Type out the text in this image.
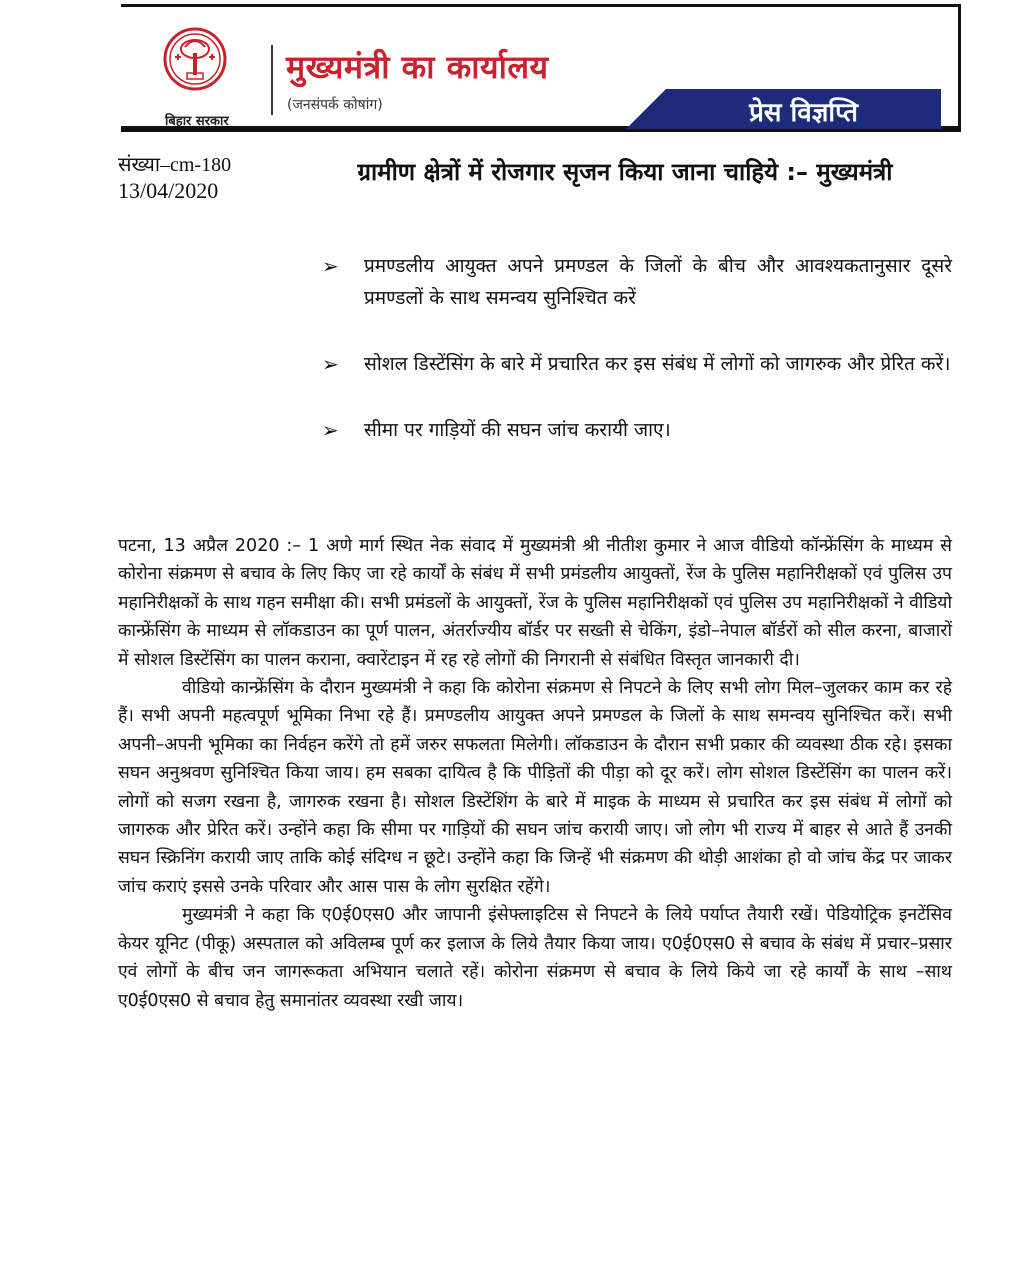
बिहार सरकार
मुख्यमंत्री का कार्यालय
(जनसंपर्क कोषांग)	प्रेस विज्ञप्ति
संख्या–cm-180
13/04/2020
ग्रामीण क्षेत्रों में रोजगार सृजन किया जाना चाहिये :– मुख्यमंत्री
➢ प्रमण्डलीय आयुक्त अपने प्रमण्डल के जिलों के बीच और आवश्यकतानुसार दूसरे प्रमण्डलों के साथ समन्वय सुनिश्चित करें
➢ सोशल डिस्टेंसिंग के बारे में प्रचारित कर इस संबंध में लोगों को जागरुक और प्रेरित करें।
➢ सीमा पर गाड़ियों की सघन जांच करायी जाए।

पटना, 13 अप्रैल 2020 :– 1 अणे मार्ग स्थित नेक संवाद में मुख्यमंत्री श्री नीतीश कुमार ने आज वीडियो कॉन्फ्रेंसिंग के माध्यम से कोरोना संक्रमण से बचाव के लिए किए जा रहे कार्यों के संबंध में सभी प्रमंडलीय आयुक्तों, रेंज के पुलिस महानिरीक्षकों एवं पुलिस उप महानिरीक्षकों के साथ गहन समीक्षा की। सभी प्रमंडलों के आयुक्तों, रेंज के पुलिस महानिरीक्षकों एवं पुलिस उप महानिरीक्षकों ने वीडियो कान्फ्रेंसिंग के माध्यम से लॉकडाउन का पूर्ण पालन, अंतर्राज्यीय बॉर्डर पर सख्ती से चेकिंग, इंडो–नेपाल बॉर्डरों को सील करना, बाजारों में सोशल डिस्टेंसिंग का पालन कराना, क्वारेंटाइन में रह रहे लोगों की निगरानी से संबंधित विस्तृत जानकारी दी।

वीडियो कान्फ्रेंसिंग के दौरान मुख्यमंत्री ने कहा कि कोरोना संक्रमण से निपटने के लिए सभी लोग मिल–जुलकर काम कर रहे हैं। सभी अपनी महत्वपूर्ण भूमिका निभा रहे हैं। प्रमण्डलीय आयुक्त अपने प्रमण्डल के जिलों के साथ समन्वय सुनिश्चित करें। सभी अपनी–अपनी भूमिका का निर्वहन करेंगे तो हमें जरुर सफलता मिलेगी। लॉकडाउन के दौरान सभी प्रकार की व्यवस्था ठीक रहे। इसका सघन अनुश्रवण सुनिश्चित किया जाय। हम सबका दायित्व है कि पीड़ितों की पीड़ा को दूर करें। लोग सोशल डिस्टेंसिंग का पालन करें। लोगों को सजग रखना है, जागरुक रखना है। सोशल डिस्टेंशिंग के बारे में माइक के माध्यम से प्रचारित कर इस संबंध में लोगों को जागरुक और प्रेरित करें। उन्होंने कहा कि सीमा पर गाड़ियों की सघन जांच करायी जाए। जो लोग भी राज्य में बाहर से आते हैं उनकी सघन स्क्रिनिंग करायी जाए ताकि कोई संदिग्ध न छूटे। उन्होंने कहा कि जिन्हें भी संक्रमण की थोड़ी आशंका हो वो जांच केंद्र पर जाकर जांच कराएं इससे उनके परिवार और आस पास के लोग सुरक्षित रहेंगे।

मुख्यमंत्री ने कहा कि ए0ई0एस0 और जापानी इंसेफ्लाइटिस से निपटने के लिये पर्याप्त तैयारी रखें। पेडियोट्रिक इनटेंसिव केयर यूनिट (पीकू) अस्पताल को अविलम्ब पूर्ण कर इलाज के लिये तैयार किया जाय। ए0ई0एस0 से बचाव के संबंध में प्रचार–प्रसार एवं लोगों के बीच जन जागरूकता अभियान चलाते रहें। कोरोना संक्रमण से बचाव के लिये किये जा रहे कार्यों के साथ –साथ ए0ई0एस0 से बचाव हेतु समानांतर व्यवस्था रखी जाय।
